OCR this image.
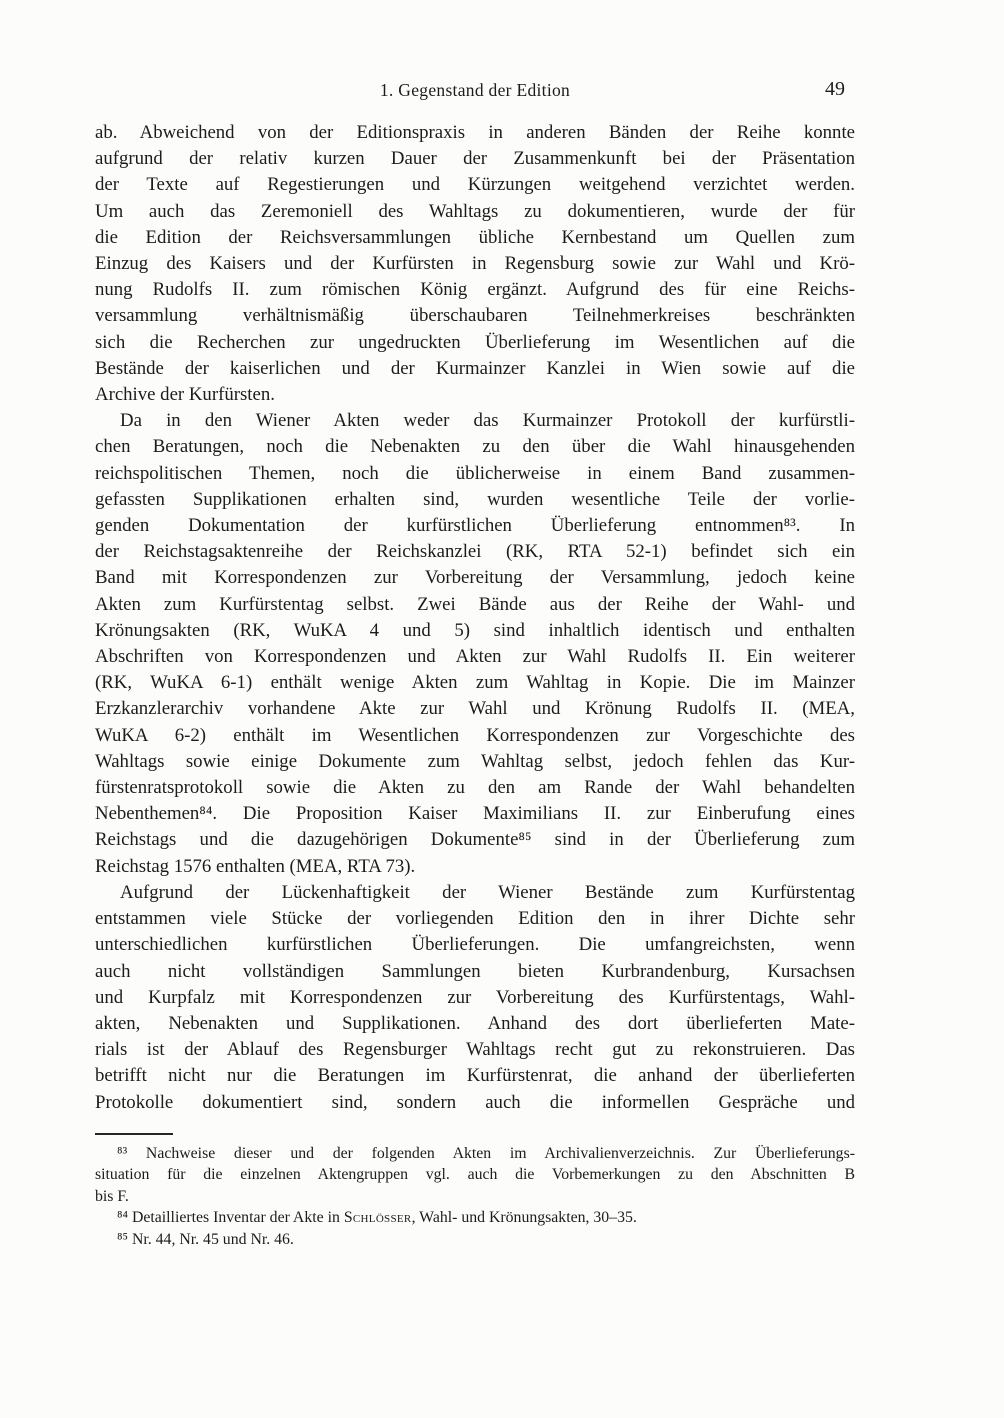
1. Gegenstand der Edition	49
ab. Abweichend von der Editionspraxis in anderen Bänden der Reihe konnte
aufgrund der relativ kurzen Dauer der Zusammenkunft bei der Präsentation
der Texte auf Regestierungen und Kürzungen weitgehend verzichtet werden.
Um auch das Zeremoniell des Wahltags zu dokumentieren, wurde der für
die Edition der Reichsversammlungen übliche Kernbestand um Quellen zum
Einzug des Kaisers und der Kurfürsten in Regensburg sowie zur Wahl und Krö-
nung Rudolfs II. zum römischen König ergänzt. Aufgrund des für eine Reichs-
versammlung verhältnismäßig überschaubaren Teilnehmerkreises beschränkten
sich die Recherchen zur ungedruckten Überlieferung im Wesentlichen auf die
Bestände der kaiserlichen und der Kurmainzer Kanzlei in Wien sowie auf die
Archive der Kurfürsten.
Da in den Wiener Akten weder das Kurmainzer Protokoll der kurfürstli-
chen Beratungen, noch die Nebenakten zu den über die Wahl hinausgehenden
reichspolitischen Themen, noch die üblicherweise in einem Band zusammen-
gefassten Supplikationen erhalten sind, wurden wesentliche Teile der vorlie-
genden Dokumentation der kurfürstlichen Überlieferung entnommen⁸³. In
der Reichstagsaktenreihe der Reichskanzlei (RK, RTA 52-1) befindet sich ein
Band mit Korrespondenzen zur Vorbereitung der Versammlung, jedoch keine
Akten zum Kurfürstentag selbst. Zwei Bände aus der Reihe der Wahl- und
Krönungsakten (RK, WuKA 4 und 5) sind inhaltlich identisch und enthalten
Abschriften von Korrespondenzen und Akten zur Wahl Rudolfs II. Ein weiterer
(RK, WuKA 6-1) enthält wenige Akten zum Wahltag in Kopie. Die im Mainzer
Erzkanzlerarchiv vorhandene Akte zur Wahl und Krönung Rudolfs II. (MEA,
WuKA 6-2) enthält im Wesentlichen Korrespondenzen zur Vorgeschichte des
Wahltags sowie einige Dokumente zum Wahltag selbst, jedoch fehlen das Kur-
fürstenratsprotokoll sowie die Akten zu den am Rande der Wahl behandelten
Nebenthemen⁸⁴. Die Proposition Kaiser Maximilians II. zur Einberufung eines
Reichstags und die dazugehörigen Dokumente⁸⁵ sind in der Überlieferung zum
Reichstag 1576 enthalten (MEA, RTA 73).
Aufgrund der Lückenhaftigkeit der Wiener Bestände zum Kurfürstentag
entstammen viele Stücke der vorliegenden Edition den in ihrer Dichte sehr
unterschiedlichen kurfürstlichen Überlieferungen. Die umfangreichsten, wenn
auch nicht vollständigen Sammlungen bieten Kurbrandenburg, Kursachsen
und Kurpfalz mit Korrespondenzen zur Vorbereitung des Kurfürstentags, Wahl-
akten, Nebenakten und Supplikationen. Anhand des dort überlieferten Mate-
rials ist der Ablauf des Regensburger Wahltags recht gut zu rekonstruieren. Das
betrifft nicht nur die Beratungen im Kurfürstenrat, die anhand der überlieferten
Protokolle dokumentiert sind, sondern auch die informellen Gespräche und
⁸³ Nachweise dieser und der folgenden Akten im Archivalienverzeichnis. Zur Überlieferungs-
situation für die einzelnen Aktengruppen vgl. auch die Vorbemerkungen zu den Abschnitten B
bis F.
⁸⁴ Detailliertes Inventar der Akte in Schlösser, Wahl- und Krönungsakten, 30–35.
⁸⁵ Nr. 44, Nr. 45 und Nr. 46.
